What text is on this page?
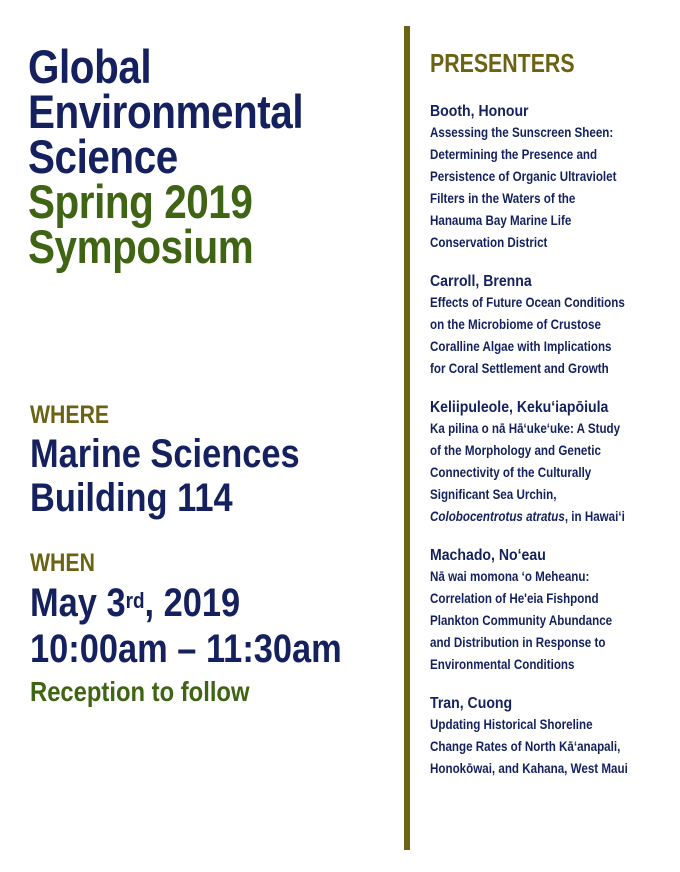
Global
Environmental
Science
Spring 2019
Symposium
WHERE
Marine Sciences
Building 114
WHEN
May 3rd, 2019
10:00am – 11:30am
Reception to follow
PRESENTERS
Booth, Honour
Assessing the Sunscreen Sheen:
Determining the Presence and
Persistence of Organic Ultraviolet
Filters in the Waters of the
Hanauma Bay Marine Life
Conservation District
Carroll, Brenna
Effects of Future Ocean Conditions
on the Microbiome of Crustose
Coralline Algae with Implications
for Coral Settlement and Growth
Keliipuleole, Kekuʻiapōiula
Ka pilina o nā Hāʻukeʻuke: A Study
of the Morphology and Genetic
Connectivity of the Culturally
Significant Sea Urchin,
Colobocentrotus atratus, in Hawaiʻi
Machado, Noʻeau
Nā wai momona ʻo Meheanu:
Correlation of He'eia Fishpond
Plankton Community Abundance
and Distribution in Response to
Environmental Conditions
Tran, Cuong
Updating Historical Shoreline
Change Rates of North Kāʻanapali,
Honokōwai, and Kahana, West Maui
